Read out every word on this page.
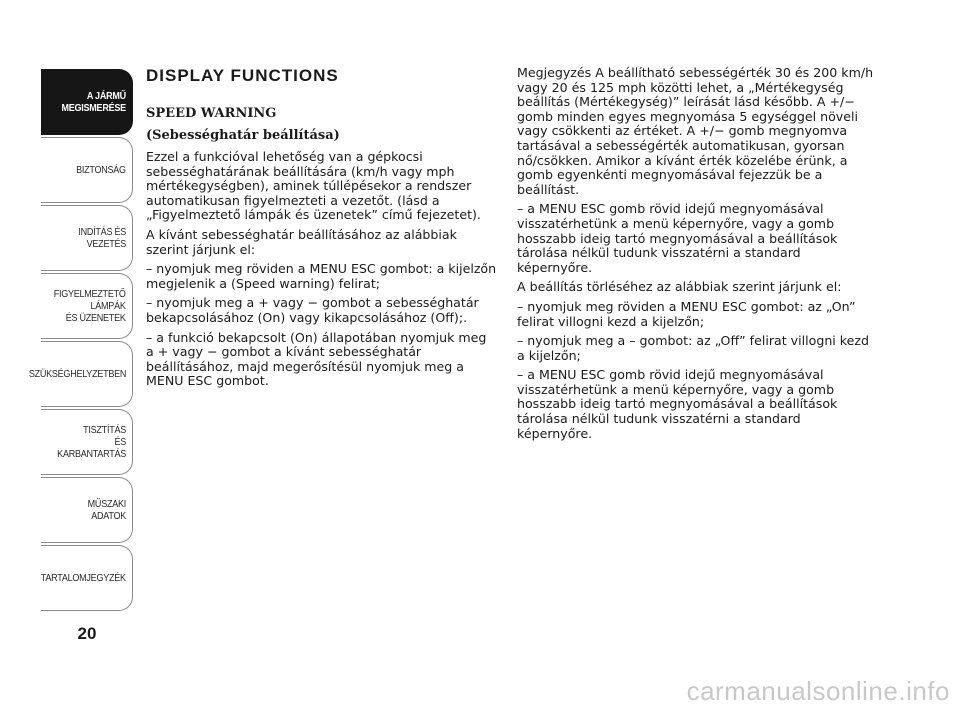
A JÁRMŰ
MEGISMERÉSE
BIZTONSÁG
INDÍTÁS ÉS VEZETÉS
FIGYELMEZTETŐ
LÁMPÁK
ÉS ÜZENETEK
SZÜKSÉGHELYZETBEN
TISZTÍTÁS
ÉS KARBANTARTÁS
MŰSZAKI ADATOK
TARTALOMJEGYZÉK
20
DISPLAY FUNCTIONS
SPEED WARNING
(Sebességhatár beállítása)

Ezzel a funkcióval lehetőség van a gépkocsi sebességhatárának beállítására (km/h vagy mph mértékegységben), aminek túllépésekor a rendszer automatikusan figyelmezteti a vezetőt. (lásd a „Figyelmeztető lámpák és üzenetek” című fejezetet).

A kívánt sebességhatár beállításához az alábbiak szerint járjunk el:

– nyomjuk meg röviden a MENU ESC gombot: a kijelzőn megjelenik a (Speed warning) felirat;

– nyomjuk meg a + vagy − gombot a sebességhatár bekapcsolásához (On) vagy kikapcsolásához (Off);.

– a funkció bekapcsolt (On) állapotában nyomjuk meg a + vagy − gombot a kívánt sebességhatár beállításához, majd megerősítésül nyomjuk meg a MENU ESC gombot.

Megjegyzés A beállítható sebességérték 30 és 200 km/h vagy 20 és 125 mph közötti lehet, a „Mértékegység beállítás (Mértékegység)” leírását lásd később. A +/− gomb minden egyes megnyomása 5 egységgel növeli vagy csökkenti az értéket. A +/− gomb megnyomva tartásával a sebességérték automatikusan, gyorsan nő/csökken. Amikor a kívánt érték közelébe érünk, a gomb egyenkénti megnyomásával fejezzük be a beállítást.

– a MENU ESC gomb rövid idejű megnyomásával visszatérhetünk a menü képernyőre, vagy a gomb hosszabb ideig tartó megnyomásával a beállítások tárolása nélkül tudunk visszatérni a standard képernyőre.

A beállítás törléséhez az alábbiak szerint járjunk el:

– nyomjuk meg röviden a MENU ESC gombot: az „On” felirat villogni kezd a kijelzőn;

– nyomjuk meg a – gombot: az „Off” felirat villogni kezd a kijelzőn;

– a MENU ESC gomb rövid idejű megnyomásával visszatérhetünk a menü képernyőre, vagy a gomb hosszabb ideig tartó megnyomásával a beállítások tárolása nélkül tudunk visszatérni a standard képernyőre.

carmanualsonline.info
